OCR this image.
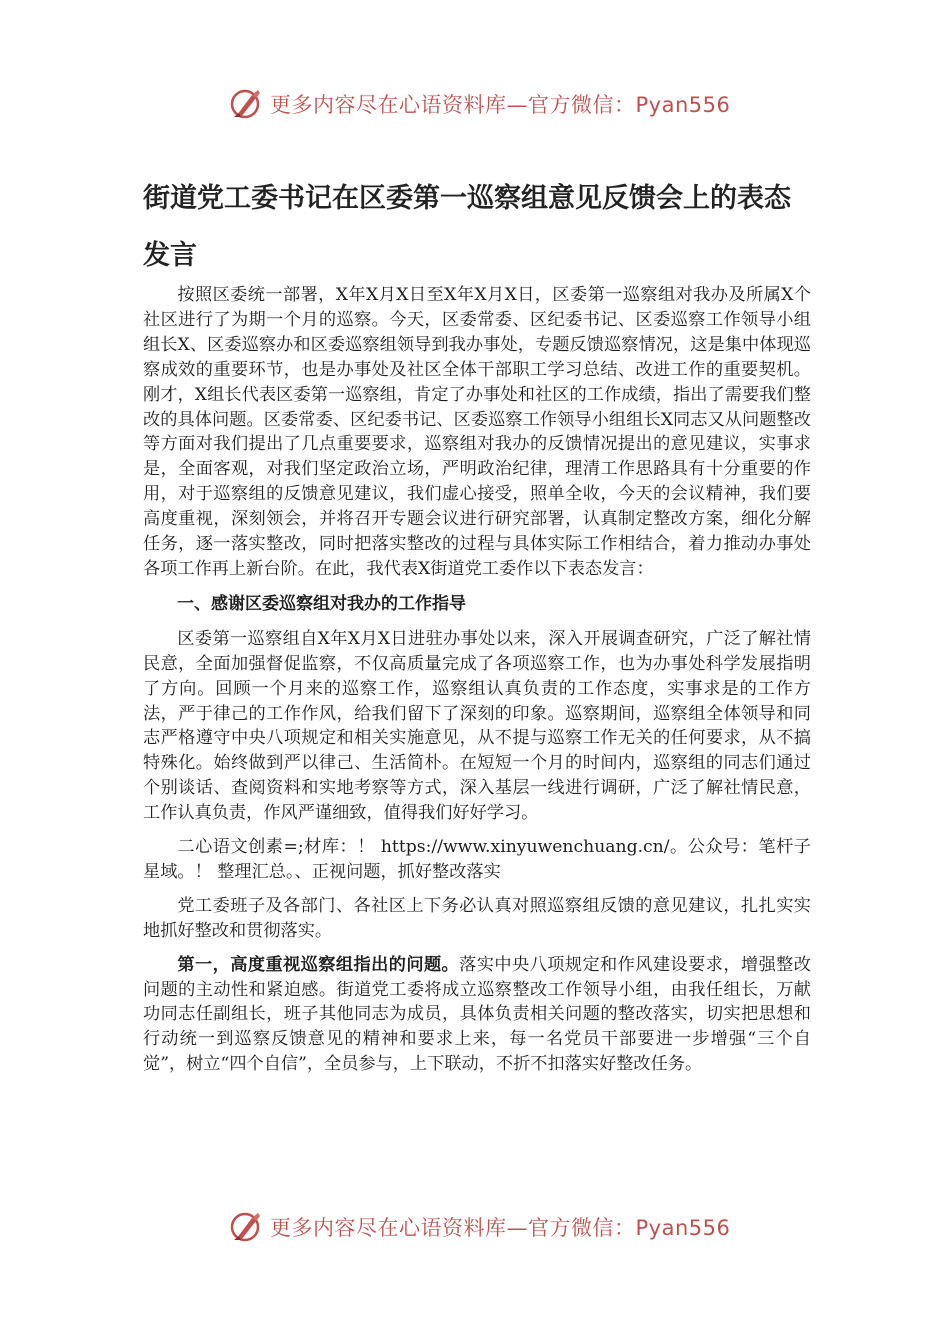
更多内容尽在心语资料库—官方微信：Pyan556
街道党工委书记在区委第一巡察组意见反馈会上的表态发言

按照区委统一部署，X年X月X日至X年X月X日，区委第一巡察组对我办及所属X个社区进行了为期一个月的巡察。今天，区委常委、区纪委书记、区委巡察工作领导小组组长X、区委巡察办和区委巡察组领导到我办事处，专题反馈巡察情况，这是集中体现巡察成效的重要环节，也是办事处及社区全体干部职工学习总结、改进工作的重要契机。刚才，X组长代表区委第一巡察组，肯定了办事处和社区的工作成绩，指出了需要我们整改的具体问题。区委常委、区纪委书记、区委巡察工作领导小组组长X同志又从问题整改等方面对我们提出了几点重要要求，巡察组对我办的反馈情况提出的意见建议，实事求是，全面客观，对我们坚定政治立场，严明政治纪律，理清工作思路具有十分重要的作用，对于巡察组的反馈意见建议，我们虚心接受，照单全收，今天的会议精神，我们要高度重视，深刻领会，并将召开专题会议进行研究部署，认真制定整改方案，细化分解任务，逐一落实整改，同时把落实整改的过程与具体实际工作相结合，着力推动办事处各项工作再上新台阶。在此，我代表X街道党工委作以下表态发言：

一、感谢区委巡察组对我办的工作指导

区委第一巡察组自X年X月X日进驻办事处以来，深入开展调查研究，广泛了解社情民意，全面加强督促监察，不仅高质量完成了各项巡察工作，也为办事处科学发展指明了方向。回顾一个月来的巡察工作，巡察组认真负责的工作态度，实事求是的工作方法，严于律己的工作作风，给我们留下了深刻的印象。巡察期间，巡察组全体领导和同志严格遵守中央八项规定和相关实施意见，从不提与巡察工作无关的任何要求，从不搞特殊化。始终做到严以律己、生活简朴。在短短一个月的时间内，巡察组的同志们通过个别谈话、查阅资料和实地考察等方式，深入基层一线进行调研，广泛了解社情民意，工作认真负责，作风严谨细致，值得我们好好学习。

二心语文创素=;材库：！ https://www.xinyuwenchuang.cn/。公众号：笔杆子星域。！ 整理汇总。、正视问题，抓好整改落实

党工委班子及各部门、各社区上下务必认真对照巡察组反馈的意见建议，扎扎实实地抓好整改和贯彻落实。

第一，高度重视巡察组指出的问题。落实中央八项规定和作风建设要求，增强整改问题的主动性和紧迫感。街道党工委将成立巡察整改工作领导小组，由我任组长，万献功同志任副组长，班子其他同志为成员，具体负责相关问题的整改落实，切实把思想和行动统一到巡察反馈意见的精神和要求上来，每一名党员干部要进一步增强“三个自觉”，树立“四个自信”，全员参与，上下联动，不折不扣落实好整改任务。

更多内容尽在心语资料库—官方微信：Pyan556
